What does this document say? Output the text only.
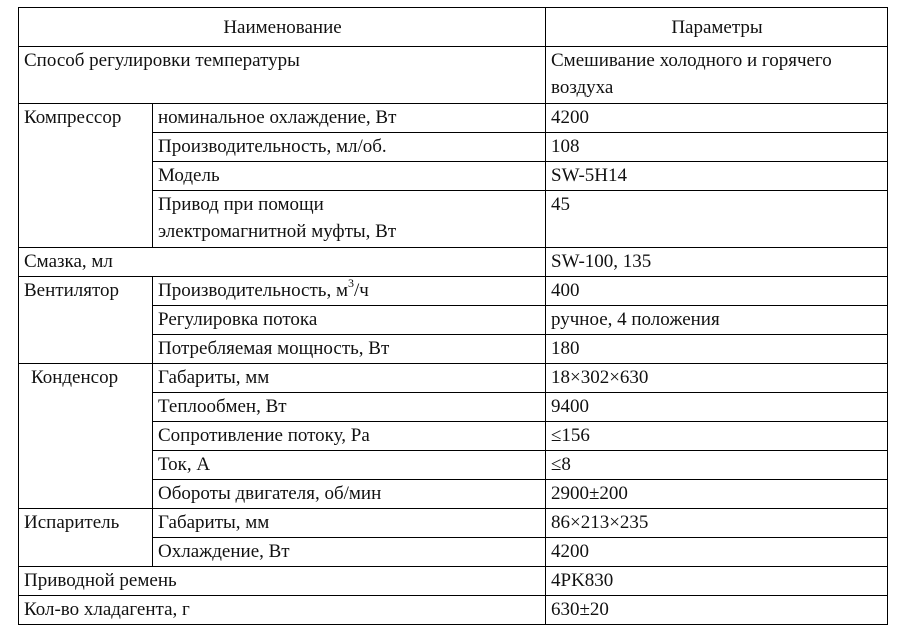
Наименование		Параметры
Способ регулировки температуры		Смешивание холодного и горячего воздуха
Компрессор	номинальное охлаждение, Вт	4200
	Производительность, мл/об.	108
	Модель	SW-5H14
	Привод при помощи электромагнитной муфты, Вт	45
Смазка, мл		SW-100, 135
Вентилятор	Производительность, $м^3/ч$	400
	Регулировка потока	ручное, 4 положения
	Потребляемая мощность, Вт	180
Конденсор	Габариты, мм	18×302×630
	Теплообмен, Вт	9400
	Сопротивление потоку, Ра	≤156
	Ток, А	≤8
	Обороты двигателя, об/мин	2900±200
Испаритель	Габариты, мм	86×213×235
	Охлаждение, Вт	4200
Приводной ремень		4PK830
Кол-во хладагента, г		630±20
